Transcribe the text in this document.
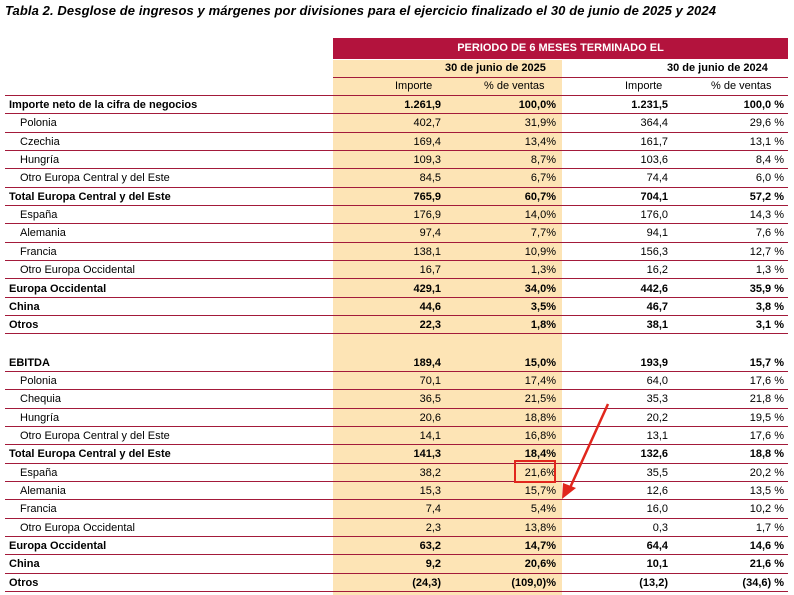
Tabla 2. Desglose de ingresos y márgenes por divisiones para el ejercicio finalizado el 30 de junio de 2025 y 2024
PERIODO DE 6 MESES TERMINADO EL
30 de junio de 2025	30 de junio de 2024
Importe	% de ventas	Importe	% de ventas
Importe neto de la cifra de negocios	1.261,9	100,0%	1.231,5	100,0 %
Polonia	402,7	31,9%	364,4	29,6 %
Czechia	169,4	13,4%	161,7	13,1 %
Hungría	109,3	8,7%	103,6	8,4 %
Otro Europa Central y del Este	84,5	6,7%	74,4	6,0 %
Total Europa Central y del Este	765,9	60,7%	704,1	57,2 %
España	176,9	14,0%	176,0	14,3 %
Alemania	97,4	7,7%	94,1	7,6 %
Francia	138,1	10,9%	156,3	12,7 %
Otro Europa Occidental	16,7	1,3%	16,2	1,3 %
Europa Occidental	429,1	34,0%	442,6	35,9 %
China	44,6	3,5%	46,7	3,8 %
Otros	22,3	1,8%	38,1	3,1 %
EBITDA	189,4	15,0%	193,9	15,7 %
Polonia	70,1	17,4%	64,0	17,6 %
Chequia	36,5	21,5%	35,3	21,8 %
Hungría	20,6	18,8%	20,2	19,5 %
Otro Europa Central y del Este	14,1	16,8%	13,1	17,6 %
Total Europa Central y del Este	141,3	18,4%	132,6	18,8 %
España	38,2	21,6%	35,5	20,2 %
Alemania	15,3	15,7%	12,6	13,5 %
Francia	7,4	5,4%	16,0	10,2 %
Otro Europa Occidental	2,3	13,8%	0,3	1,7 %
Europa Occidental	63,2	14,7%	64,4	14,6 %
China	9,2	20,6%	10,1	21,6 %
Otros	(24,3)	(109,0)%	(13,2)	(34,6) %
